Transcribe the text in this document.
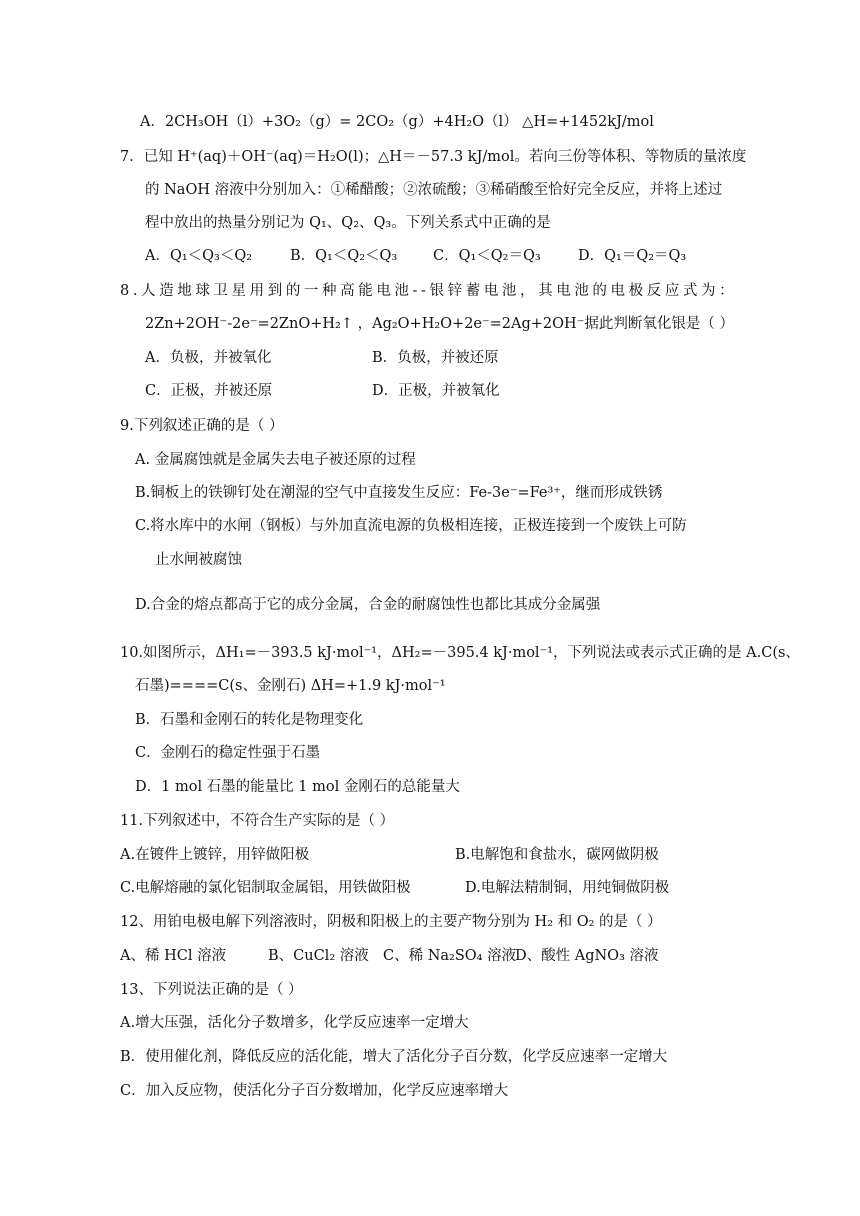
A．2CH₃OH（l）+3O₂（g）= 2CO₂（g）+4H₂O（l） △H=+1452kJ/mol
7．已知 H⁺(aq)＋OH⁻(aq)＝H₂O(l)；△H＝－57.3 kJ/mol。若向三份等体积、等物质的量浓度
的 NaOH 溶液中分别加入：①稀醋酸；②浓硫酸；③稀硝酸至恰好完全反应，并将上述过
程中放出的热量分别记为 Q₁、Q₂、Q₃。下列关系式中正确的是
A．Q₁＜Q₃＜Q₂	B．Q₁＜Q₂＜Q₃ C．Q₁＜Q₂＝Q₃	D．Q₁＝Q₂＝Q₃
8.人造地球卫星用到的一种高能电池--银锌蓄电池，其电池的电极反应式为：
2Zn+2OH⁻-2e⁻=2ZnO+H₂↑ ，Ag₂O+H₂O+2e⁻=2Ag+2OH⁻据此判断氧化银是（ ）
A．负极，并被氧化	B．负极，并被还原
C．正极，并被还原	D．正极，并被氧化
9.下列叙述正确的是（ ）
A. 金属腐蚀就是金属失去电子被还原的过程
B.铜板上的铁铆钉处在潮湿的空气中直接发生反应：Fe-3e⁻=Fe³⁺，继而形成铁锈
C.将水库中的水闸（钢板）与外加直流电源的负极相连接，正极连接到一个废铁上可防
止水闸被腐蚀
D.合金的熔点都高于它的成分金属，合金的耐腐蚀性也都比其成分金属强
10.如图所示，ΔH₁=－393.5 kJ·mol⁻¹，ΔH₂=－395.4 kJ·mol⁻¹，下列说法或表示式正确的是 A.C(s、
石墨)====C(s、金刚石) ΔH=+1.9 kJ·mol⁻¹
B．石墨和金刚石的转化是物理变化
C．金刚石的稳定性强于石墨
D．1 mol 石墨的能量比 1 mol 金刚石的总能量大
11.下列叙述中，不符合生产实际的是（ ）
A.在镀件上镀锌，用锌做阳极	B.电解饱和食盐水，碳网做阴极
C.电解熔融的氯化铝制取金属铝，用铁做阳极	D.电解法精制铜，用纯铜做阴极
12、用铂电极电解下列溶液时，阴极和阳极上的主要产物分别为 H₂ 和 O₂ 的是（ ）
A、稀 HCl 溶液	B、CuCl₂ 溶液 C、稀 Na₂SO₄ 溶液
D、酸性 AgNO₃ 溶液
13、下列说法正确的是（ ）
A.增大压强，活化分子数增多，化学反应速率一定增大
B．使用催化剂，降低反应的活化能，增大了活化分子百分数，化学反应速率一定增大
C．加入反应物，使活化分子百分数增加，化学反应速率增大
